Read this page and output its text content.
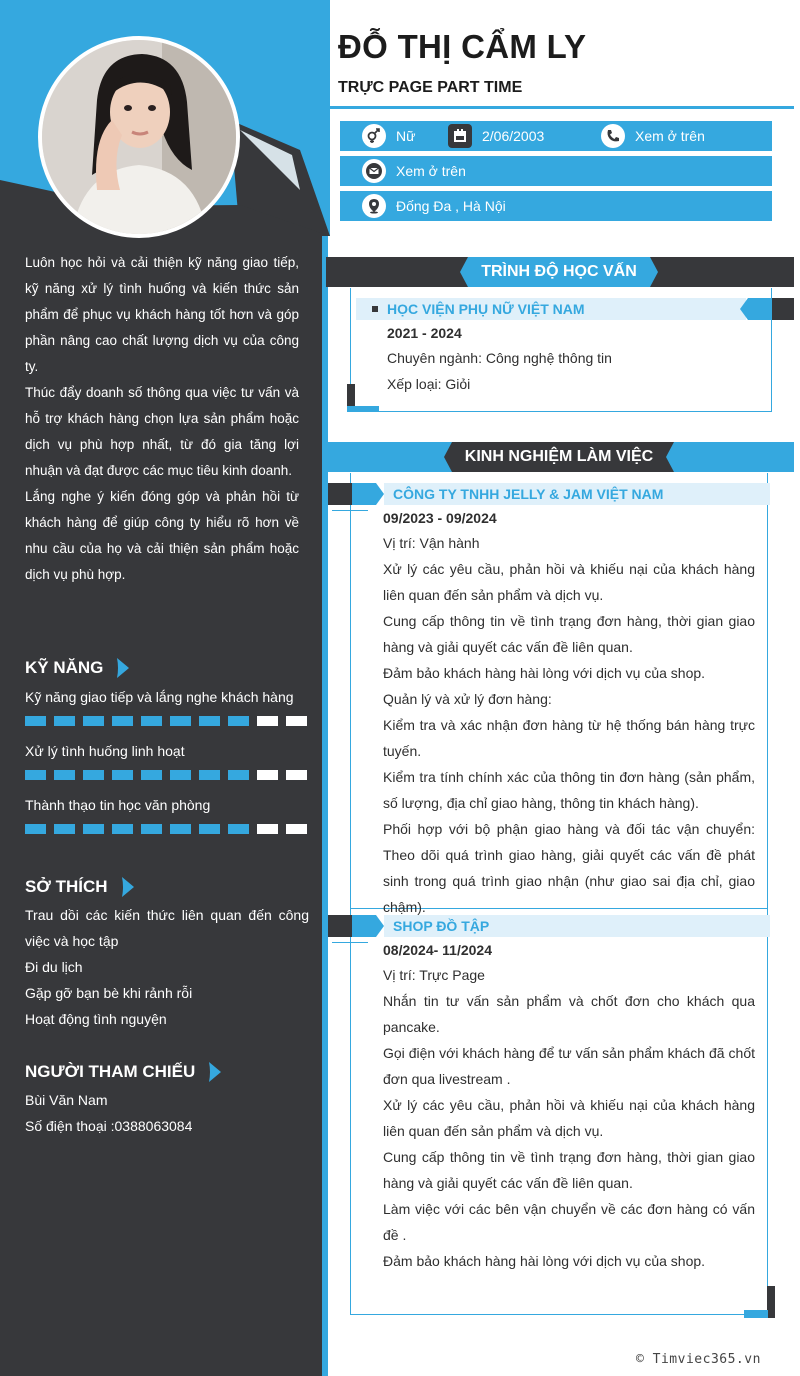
Luôn học hỏi và cải thiện kỹ năng giao tiếp, kỹ năng xử lý tình huống và kiến thức sản phẩm để phục vụ khách hàng tốt hơn và góp phần nâng cao chất lượng dịch vụ của công ty.

Thúc đẩy doanh số thông qua việc tư vấn và hỗ trợ khách hàng chọn lựa sản phẩm hoặc dịch vụ phù hợp nhất, từ đó gia tăng lợi nhuận và đạt được các mục tiêu kinh doanh.

Lắng nghe ý kiến đóng góp và phản hồi từ khách hàng để giúp công ty hiểu rõ hơn về nhu cầu của họ và cải thiện sản phẩm hoặc dịch vụ phù hợp.

KỸ NĂNG
Kỹ năng giao tiếp và lắng nghe khách hàng
Xử lý tình huống linh hoạt
Thành thạo tin học văn phòng
SỞ THÍCH
Trau dồi các kiến thức liên quan đến công việc và học tập
Đi du lịch
Gặp gỡ bạn bè khi rảnh rỗi
Hoạt động tình nguyện
NGƯỜI THAM CHIẾU
Bùi Văn Nam
Số điện thoại :0388063084
ĐỖ THỊ CẨM LY
TRỰC PAGE PART TIME
Nữ	2/06/2003	Xem ở trên
Xem ở trên
Đống Đa , Hà Nội
TRÌNH ĐỘ HỌC VẤN
HỌC VIỆN PHỤ NỮ VIỆT NAM
2021 - 2024
Chuyên ngành: Công nghệ thông tin
Xếp loại: Giỏi
KINH NGHIỆM LÀM VIỆC
CÔNG TY TNHH JELLY & JAM VIỆT NAM
09/2023 - 09/2024

Vị trí: Vận hành

Xử lý các yêu cầu, phản hồi và khiếu nại của khách hàng liên quan đến sản phẩm và dịch vụ.

Cung cấp thông tin về tình trạng đơn hàng, thời gian giao hàng và giải quyết các vấn đề liên quan.

Đảm bảo khách hàng hài lòng với dịch vụ của shop.

Quản lý và xử lý đơn hàng:

Kiểm tra và xác nhận đơn hàng từ hệ thống bán hàng trực tuyến.

Kiểm tra tính chính xác của thông tin đơn hàng (sản phẩm, số lượng, địa chỉ giao hàng, thông tin khách hàng).

Phối hợp với bộ phận giao hàng và đối tác vận chuyển: Theo dõi quá trình giao hàng, giải quyết các vấn đề phát sinh trong quá trình giao nhận (như giao sai địa chỉ, giao chậm).

SHOP ĐỒ TẬP
08/2024- 11/2024

Vị trí: Trực Page

Nhắn tin tư vấn sản phẩm và chốt đơn cho khách qua pancake.

Gọi điện với khách hàng để tư vấn sản phẩm khách đã chốt đơn qua livestream .

Xử lý các yêu cầu, phản hồi và khiếu nại của khách hàng liên quan đến sản phẩm và dịch vụ.

Cung cấp thông tin về tình trạng đơn hàng, thời gian giao hàng và giải quyết các vấn đề liên quan.

Làm việc với các bên vận chuyển về các đơn hàng có vấn đề .

Đảm bảo khách hàng hài lòng với dịch vụ của shop.

© Timviec365.vn
